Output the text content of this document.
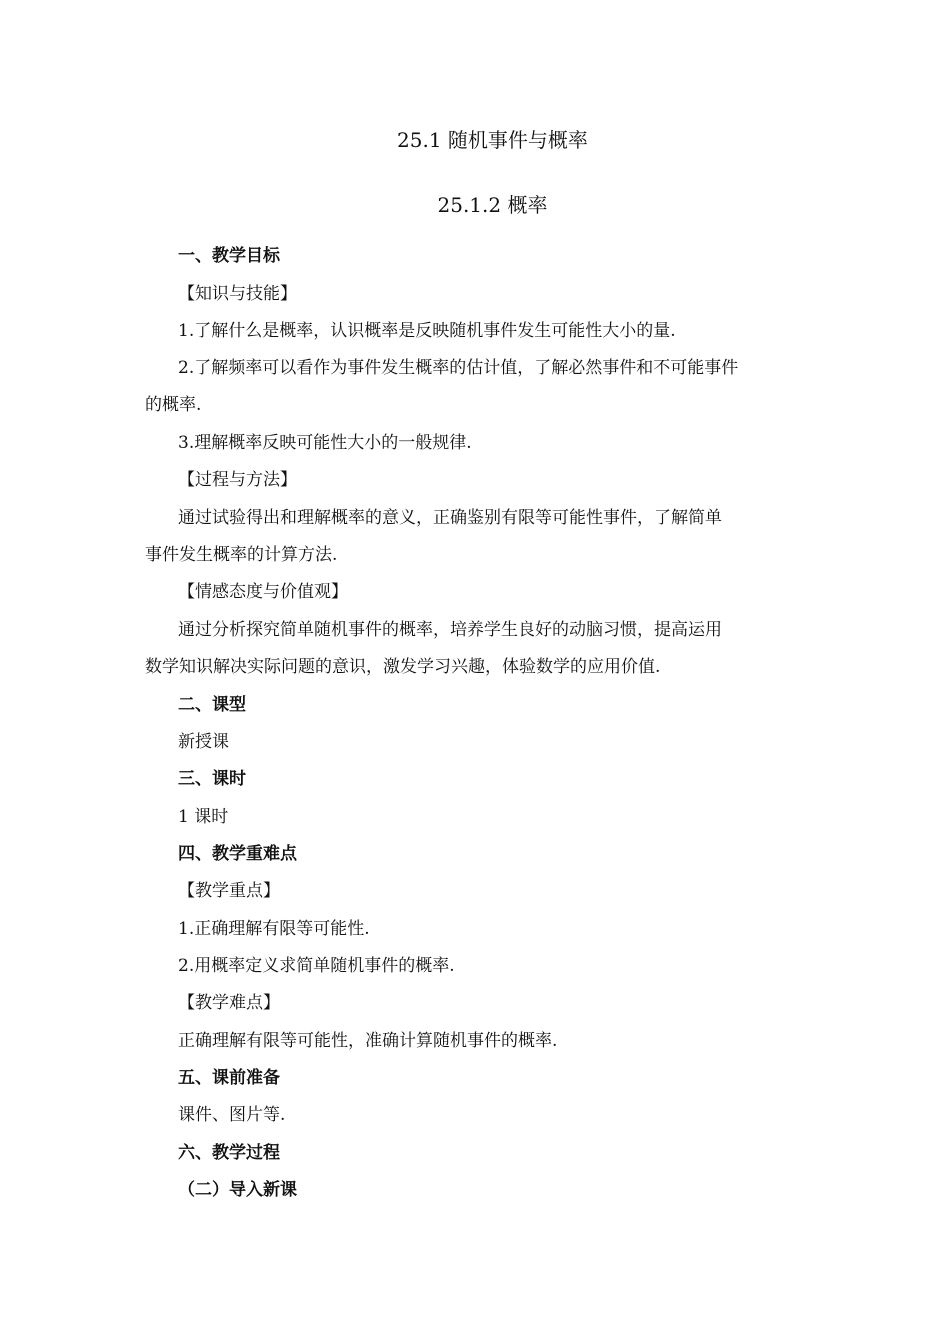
25.1 随机事件与概率
25.1.2 概率
一、教学目标
【知识与技能】
1.了解什么是概率，认识概率是反映随机事件发生可能性大小的量.
2.了解频率可以看作为事件发生概率的估计值，了解必然事件和不可能事件
的概率.
3.理解概率反映可能性大小的一般规律.
【过程与方法】
通过试验得出和理解概率的意义，正确鉴别有限等可能性事件，了解简单
事件发生概率的计算方法.
【情感态度与价值观】
通过分析探究简单随机事件的概率，培养学生良好的动脑习惯，提高运用
数学知识解决实际问题的意识，激发学习兴趣，体验数学的应用价值.
二、课型
新授课
三、课时
1 课时
四、教学重难点
【教学重点】
1.正确理解有限等可能性.
2.用概率定义求简单随机事件的概率.
【教学难点】
正确理解有限等可能性，准确计算随机事件的概率.
五、课前准备
课件、图片等.
六、教学过程
（二）导入新课
